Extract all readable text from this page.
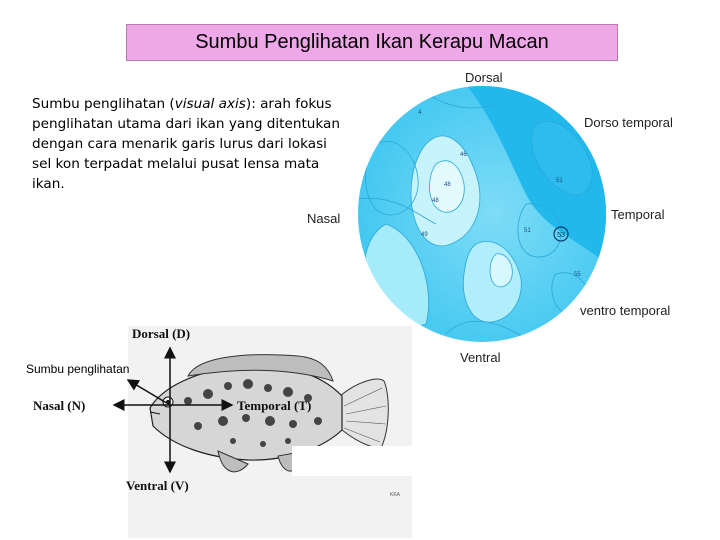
Sumbu Penglihatan Ikan Kerapu Macan
Sumbu penglihatan (visual axis): arah fokus penglihatan utama dari ikan yang ditentukan dengan cara menarik garis lurus dari lokasi sel kon terpadat melalui pusat lensa mata ikan.
53
4
46
48
48
51
49
51
55
Dorsal
Dorso temporal
Nasal	Temporal
ventro temporal
Ventral
Dorsal (D)
Nasal (N)	Temporal (T)
Ventral (V)
Sumbu penglihatan
KKA
